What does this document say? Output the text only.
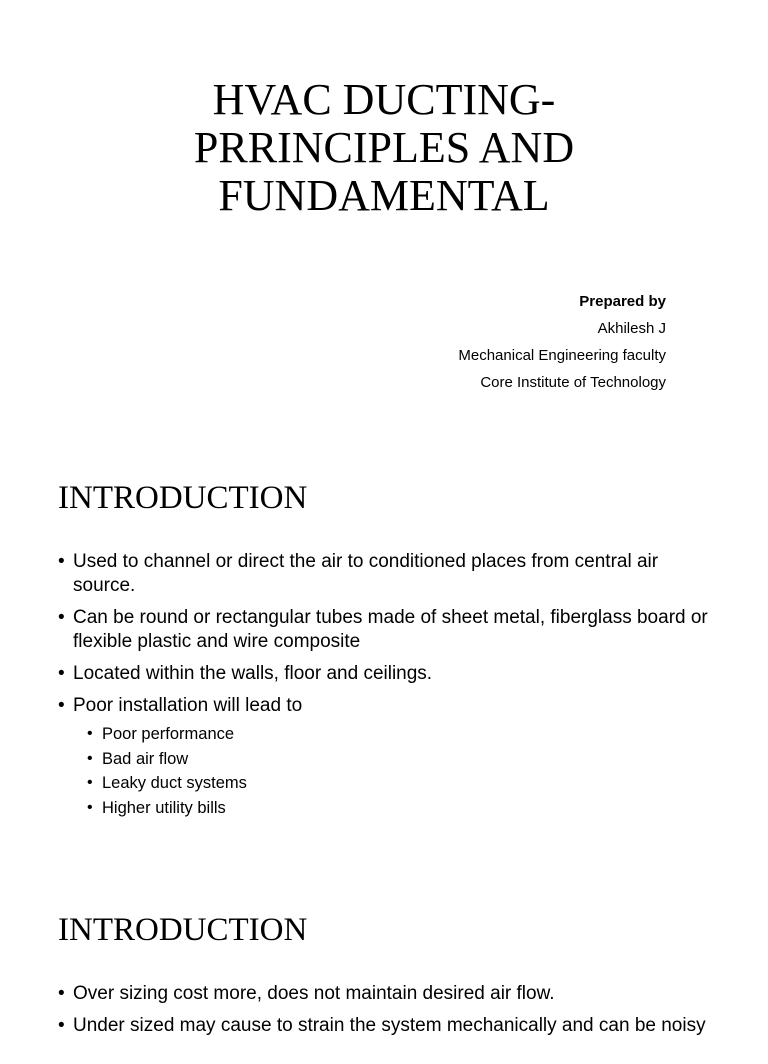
HVAC DUCTING-
PRRINCIPLES AND
FUNDAMENTAL
Prepared by
Akhilesh J
Mechanical Engineering faculty
Core Institute of Technology
INTRODUCTION
• Used to channel or direct the air to conditioned places from central air source.
• Can be round or rectangular tubes made of sheet metal, fiberglass board or flexible plastic and wire composite
• Located within the walls, floor and ceilings.
• Poor installation will lead to
• Poor performance
• Bad air flow
• Leaky duct systems
• Higher utility bills
INTRODUCTION
• Over sizing cost more, does not maintain desired air flow.
• Under sized may cause to strain the system mechanically and can be noisy
